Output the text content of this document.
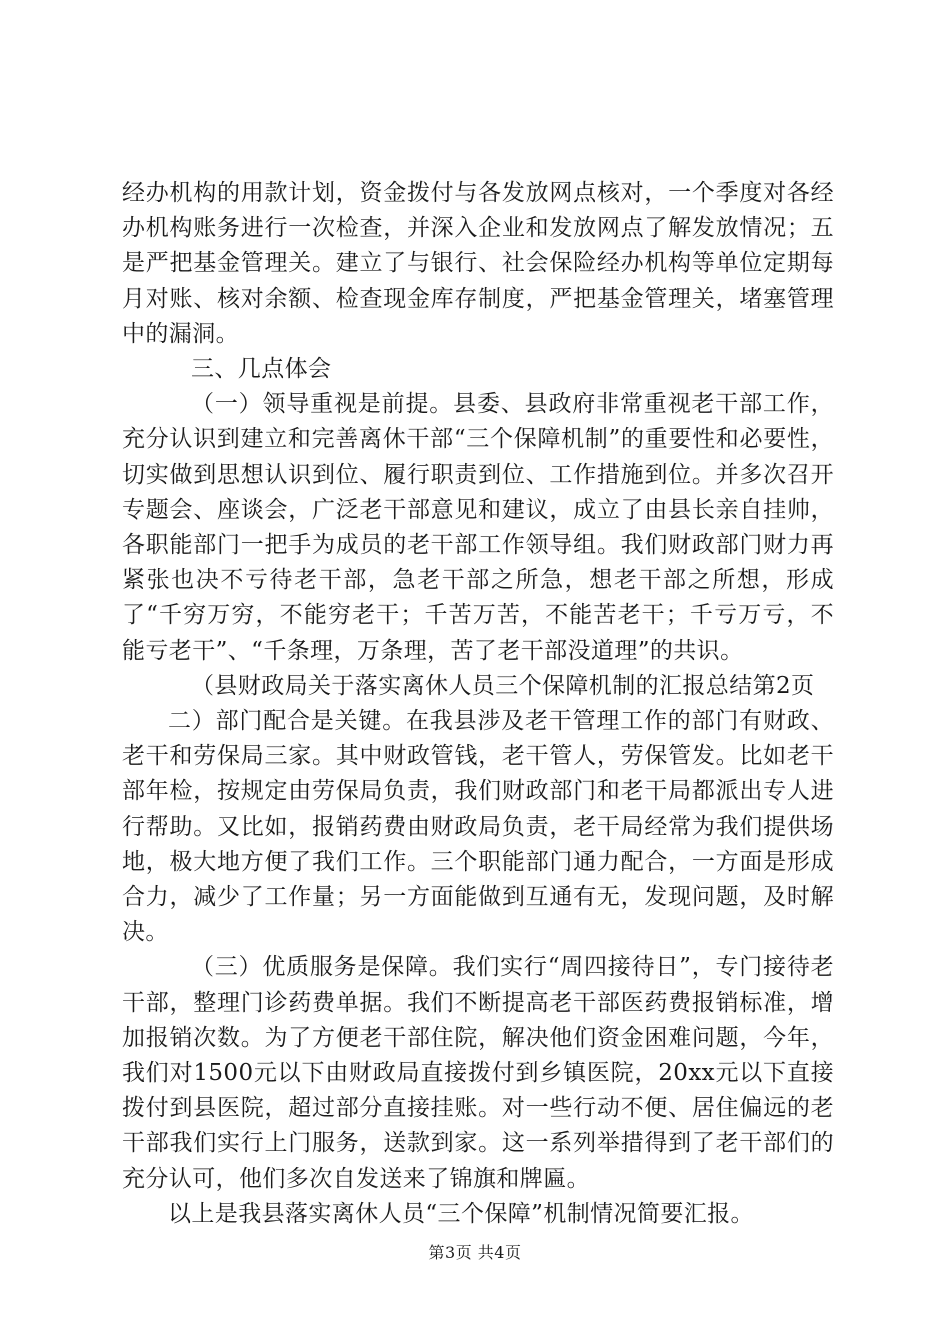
经办机构的用款计划，资金拨付与各发放网点核对，一个季度对各经办机构账务进行一次检查，并深入企业和发放网点了解发放情况；五是严把基金管理关。建立了与银行、社会保险经办机构等单位定期每月对账、核对余额、检查现金库存制度，严把基金管理关，堵塞管理中的漏洞。

三、几点体会

（一）领导重视是前提。县委、县政府非常重视老干部工作，充分认识到建立和完善离休干部“三个保障机制”的重要性和必要性，切实做到思想认识到位、履行职责到位、工作措施到位。并多次召开专题会、座谈会，广泛老干部意见和建议，成立了由县长亲自挂帅，各职能部门一把手为成员的老干部工作领导组。我们财政部门财力再紧张也决不亏待老干部，急老干部之所急，想老干部之所想，形成了“千穷万穷，不能穷老干；千苦万苦，不能苦老干；千亏万亏，不能亏老干”、“千条理，万条理，苦了老干部没道理”的共识。

（县财政局关于落实离休人员三个保障机制的汇报总结第2页

二）部门配合是关键。在我县涉及老干管理工作的部门有财政、老干和劳保局三家。其中财政管钱，老干管人，劳保管发。比如老干部年检，按规定由劳保局负责，我们财政部门和老干局都派出专人进行帮助。又比如，报销药费由财政局负责，老干局经常为我们提供场地，极大地方便了我们工作。三个职能部门通力配合，一方面是形成合力，减少了工作量；另一方面能做到互通有无，发现问题，及时解决。

（三）优质服务是保障。我们实行“周四接待日”，专门接待老干部，整理门诊药费单据。我们不断提高老干部医药费报销标准，增加报销次数。为了方便老干部住院，解决他们资金困难问题，今年，我们对1500元以下由财政局直接拨付到乡镇医院，20xx元以下直接拨付到县医院，超过部分直接挂账。对一些行动不便、居住偏远的老干部我们实行上门服务，送款到家。这一系列举措得到了老干部们的充分认可，他们多次自发送来了锦旗和牌匾。

以上是我县落实离休人员“三个保障”机制情况简要汇报。

第3页 共4页
